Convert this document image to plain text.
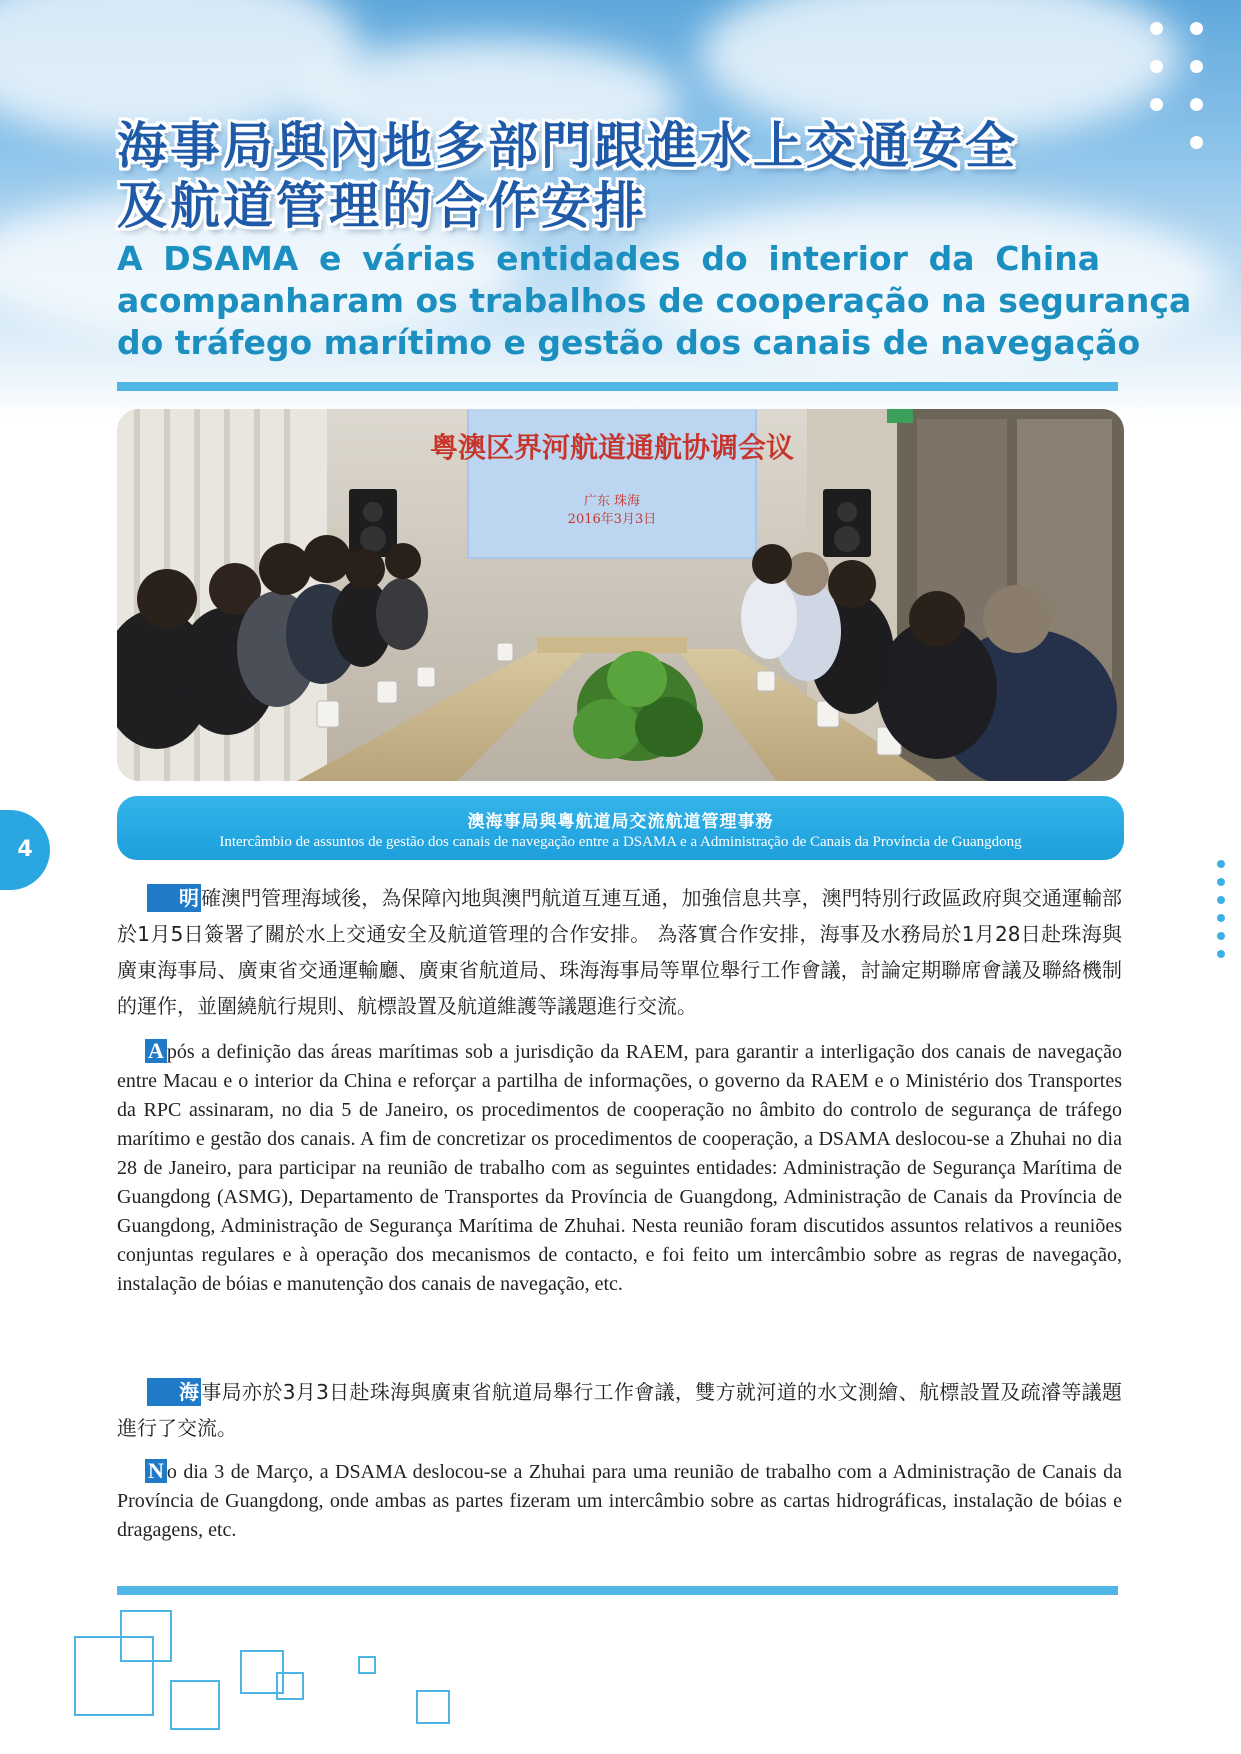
海事局與內地多部門跟進水上交通安全
及航道管理的合作安排
A DSAMA e várias entidades do interior da China
acompanharam os trabalhos de cooperação na segurança
do tráfego marítimo e gestão dos canais de navegação
粤澳区界河航道通航协调会议
广东 珠海
2016年3月3日
澳海事局與粵航道局交流航道管理事務
Intercâmbio de assuntos de gestão dos canais de navegação entre a DSAMA e a Administração de Canais da Província de Guangdong
4
明 確澳門管理海域後，為保障內地與澳門航道互連互通，加強信息共享，澳門特別行政區政府與交通運輸部於1月5日簽署了關於水上交通安全及航道管理的合作安排。 為落實合作安排，海事及水務局於1月28日赴珠海與廣東海事局、廣東省交通運輸廳、廣東省航道局、珠海海事局等單位舉行工作會議，討論定期聯席會議及聯絡機制的運作，並圍繞航行規則、航標設置及航道維護等議題進行交流。
A pós a definição das áreas marítimas sob a jurisdição da RAEM, para garantir a interligação dos canais de navegação entre Macau e o interior da China e reforçar a partilha de informações, o governo da RAEM e o Ministério dos Transportes da RPC assinaram, no dia 5 de Janeiro, os procedimentos de cooperação no âmbito do controlo de segurança de tráfego marítimo e gestão dos canais. A fim de concretizar os procedimentos de cooperação, a DSAMA deslocou-se a Zhuhai no dia 28 de Janeiro, para participar na reunião de trabalho com as seguintes entidades: Administração de Segurança Marítima de Guangdong (ASMG), Departamento de Transportes da Província de Guangdong, Administração de Canais da Província de Guangdong, Administração de Segurança Marítima de Zhuhai. Nesta reunião foram discutidos assuntos relativos a reuniões conjuntas regulares e à operação dos mecanismos de contacto, e foi feito um intercâmbio sobre as regras de navegação, instalação de bóias e manutenção dos canais de navegação, etc.
海 事局亦於3月3日赴珠海與廣東省航道局舉行工作會議，雙方就河道的水文測繪、航標設置及疏濬等議題進行了交流。
N o dia 3 de Março, a DSAMA deslocou-se a Zhuhai para uma reunião de trabalho com a Administração de Canais da Província de Guangdong, onde ambas as partes fizeram um intercâmbio sobre as cartas hidrográficas, instalação de bóias e dragagens, etc.
